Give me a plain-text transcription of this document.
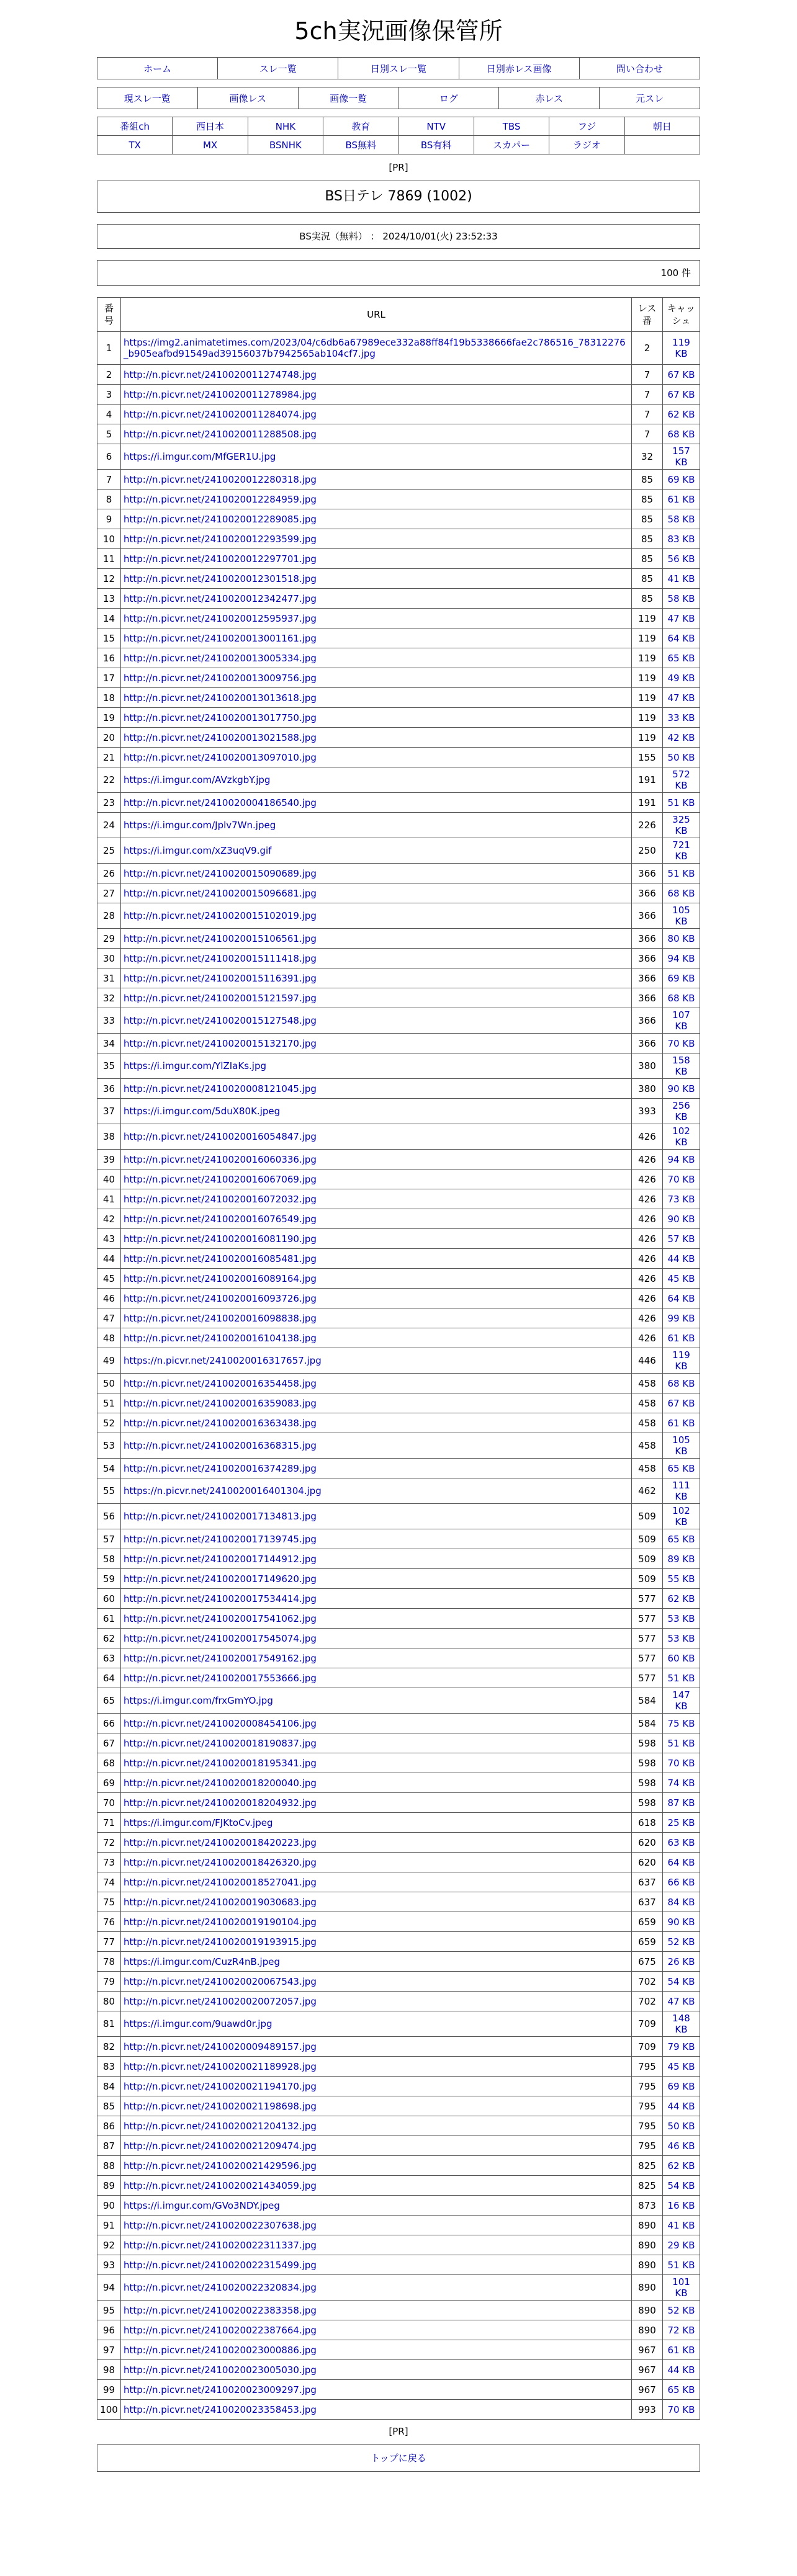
5ch実況画像保管所
ホーム	スレ一覧	日別スレ一覧	日別赤レス画像	問い合わせ
現スレ一覧	画像レス	画像一覧	ログ	赤レス	元スレ
番組ch	西日本	NHK	教育	NTV	TBS	フジ	朝日
TX	MX	BSNHK	BS無料	BS有料	スカパー	ラジオ	
[PR]
BS日テレ 7869 (1002)
BS実況（無料） ： 2024/10/01(火) 23:52:33
100 件
番号	URL	レス番	キャッシュ
1	https://img2.animatetimes.com/2023/04/c6db6a67989ece332a88ff84f19b5338666fae2c786516_78312276_b905eafbd91549ad39156037b7942565ab104cf7.jpg	2	119 KB
2	http://n.picvr.net/2410020011274748.jpg	7	67 KB
3	http://n.picvr.net/2410020011278984.jpg	7	67 KB
4	http://n.picvr.net/2410020011284074.jpg	7	62 KB
5	http://n.picvr.net/2410020011288508.jpg	7	68 KB
6	https://i.imgur.com/MfGER1U.jpg	32	157 KB
7	http://n.picvr.net/2410020012280318.jpg	85	69 KB
8	http://n.picvr.net/2410020012284959.jpg	85	61 KB
9	http://n.picvr.net/2410020012289085.jpg	85	58 KB
10	http://n.picvr.net/2410020012293599.jpg	85	83 KB
11	http://n.picvr.net/2410020012297701.jpg	85	56 KB
12	http://n.picvr.net/2410020012301518.jpg	85	41 KB
13	http://n.picvr.net/2410020012342477.jpg	85	58 KB
14	http://n.picvr.net/2410020012595937.jpg	119	47 KB
15	http://n.picvr.net/2410020013001161.jpg	119	64 KB
16	http://n.picvr.net/2410020013005334.jpg	119	65 KB
17	http://n.picvr.net/2410020013009756.jpg	119	49 KB
18	http://n.picvr.net/2410020013013618.jpg	119	47 KB
19	http://n.picvr.net/2410020013017750.jpg	119	33 KB
20	http://n.picvr.net/2410020013021588.jpg	119	42 KB
21	http://n.picvr.net/2410020013097010.jpg	155	50 KB
22	https://i.imgur.com/AVzkgbY.jpg	191	572 KB
23	http://n.picvr.net/2410020004186540.jpg	191	51 KB
24	https://i.imgur.com/Jplv7Wn.jpeg	226	325 KB
25	https://i.imgur.com/xZ3uqV9.gif	250	721 KB
26	http://n.picvr.net/2410020015090689.jpg	366	51 KB
27	http://n.picvr.net/2410020015096681.jpg	366	68 KB
28	http://n.picvr.net/2410020015102019.jpg	366	105 KB
29	http://n.picvr.net/2410020015106561.jpg	366	80 KB
30	http://n.picvr.net/2410020015111418.jpg	366	94 KB
31	http://n.picvr.net/2410020015116391.jpg	366	69 KB
32	http://n.picvr.net/2410020015121597.jpg	366	68 KB
33	http://n.picvr.net/2410020015127548.jpg	366	107 KB
34	http://n.picvr.net/2410020015132170.jpg	366	70 KB
35	https://i.imgur.com/YlZIaKs.jpg	380	158 KB
36	http://n.picvr.net/2410020008121045.jpg	380	90 KB
37	https://i.imgur.com/5duX80K.jpeg	393	256 KB
38	http://n.picvr.net/2410020016054847.jpg	426	102 KB
39	http://n.picvr.net/2410020016060336.jpg	426	94 KB
40	http://n.picvr.net/2410020016067069.jpg	426	70 KB
41	http://n.picvr.net/2410020016072032.jpg	426	73 KB
42	http://n.picvr.net/2410020016076549.jpg	426	90 KB
43	http://n.picvr.net/2410020016081190.jpg	426	57 KB
44	http://n.picvr.net/2410020016085481.jpg	426	44 KB
45	http://n.picvr.net/2410020016089164.jpg	426	45 KB
46	http://n.picvr.net/2410020016093726.jpg	426	64 KB
47	http://n.picvr.net/2410020016098838.jpg	426	99 KB
48	http://n.picvr.net/2410020016104138.jpg	426	61 KB
49	https://n.picvr.net/2410020016317657.jpg	446	119 KB
50	http://n.picvr.net/2410020016354458.jpg	458	68 KB
51	http://n.picvr.net/2410020016359083.jpg	458	67 KB
52	http://n.picvr.net/2410020016363438.jpg	458	61 KB
53	http://n.picvr.net/2410020016368315.jpg	458	105 KB
54	http://n.picvr.net/2410020016374289.jpg	458	65 KB
55	https://n.picvr.net/2410020016401304.jpg	462	111 KB
56	http://n.picvr.net/2410020017134813.jpg	509	102 KB
57	http://n.picvr.net/2410020017139745.jpg	509	65 KB
58	http://n.picvr.net/2410020017144912.jpg	509	89 KB
59	http://n.picvr.net/2410020017149620.jpg	509	55 KB
60	http://n.picvr.net/2410020017534414.jpg	577	62 KB
61	http://n.picvr.net/2410020017541062.jpg	577	53 KB
62	http://n.picvr.net/2410020017545074.jpg	577	53 KB
63	http://n.picvr.net/2410020017549162.jpg	577	60 KB
64	http://n.picvr.net/2410020017553666.jpg	577	51 KB
65	https://i.imgur.com/frxGmYO.jpg	584	147 KB
66	http://n.picvr.net/2410020008454106.jpg	584	75 KB
67	http://n.picvr.net/2410020018190837.jpg	598	51 KB
68	http://n.picvr.net/2410020018195341.jpg	598	70 KB
69	http://n.picvr.net/2410020018200040.jpg	598	74 KB
70	http://n.picvr.net/2410020018204932.jpg	598	87 KB
71	https://i.imgur.com/FJKtoCv.jpeg	618	25 KB
72	http://n.picvr.net/2410020018420223.jpg	620	63 KB
73	http://n.picvr.net/2410020018426320.jpg	620	64 KB
74	http://n.picvr.net/2410020018527041.jpg	637	66 KB
75	http://n.picvr.net/2410020019030683.jpg	637	84 KB
76	http://n.picvr.net/2410020019190104.jpg	659	90 KB
77	http://n.picvr.net/2410020019193915.jpg	659	52 KB
78	https://i.imgur.com/CuzR4nB.jpeg	675	26 KB
79	http://n.picvr.net/2410020020067543.jpg	702	54 KB
80	http://n.picvr.net/2410020020072057.jpg	702	47 KB
81	https://i.imgur.com/9uawd0r.jpg	709	148 KB
82	http://n.picvr.net/2410020009489157.jpg	709	79 KB
83	http://n.picvr.net/2410020021189928.jpg	795	45 KB
84	http://n.picvr.net/2410020021194170.jpg	795	69 KB
85	http://n.picvr.net/2410020021198698.jpg	795	44 KB
86	http://n.picvr.net/2410020021204132.jpg	795	50 KB
87	http://n.picvr.net/2410020021209474.jpg	795	46 KB
88	http://n.picvr.net/2410020021429596.jpg	825	62 KB
89	http://n.picvr.net/2410020021434059.jpg	825	54 KB
90	https://i.imgur.com/GVo3NDY.jpeg	873	16 KB
91	http://n.picvr.net/2410020022307638.jpg	890	41 KB
92	http://n.picvr.net/2410020022311337.jpg	890	29 KB
93	http://n.picvr.net/2410020022315499.jpg	890	51 KB
94	http://n.picvr.net/2410020022320834.jpg	890	101 KB
95	http://n.picvr.net/2410020022383358.jpg	890	52 KB
96	http://n.picvr.net/2410020022387664.jpg	890	72 KB
97	http://n.picvr.net/2410020023000886.jpg	967	61 KB
98	http://n.picvr.net/2410020023005030.jpg	967	44 KB
99	http://n.picvr.net/2410020023009297.jpg	967	65 KB
100	http://n.picvr.net/2410020023358453.jpg	993	70 KB
[PR]
トップに戻る
